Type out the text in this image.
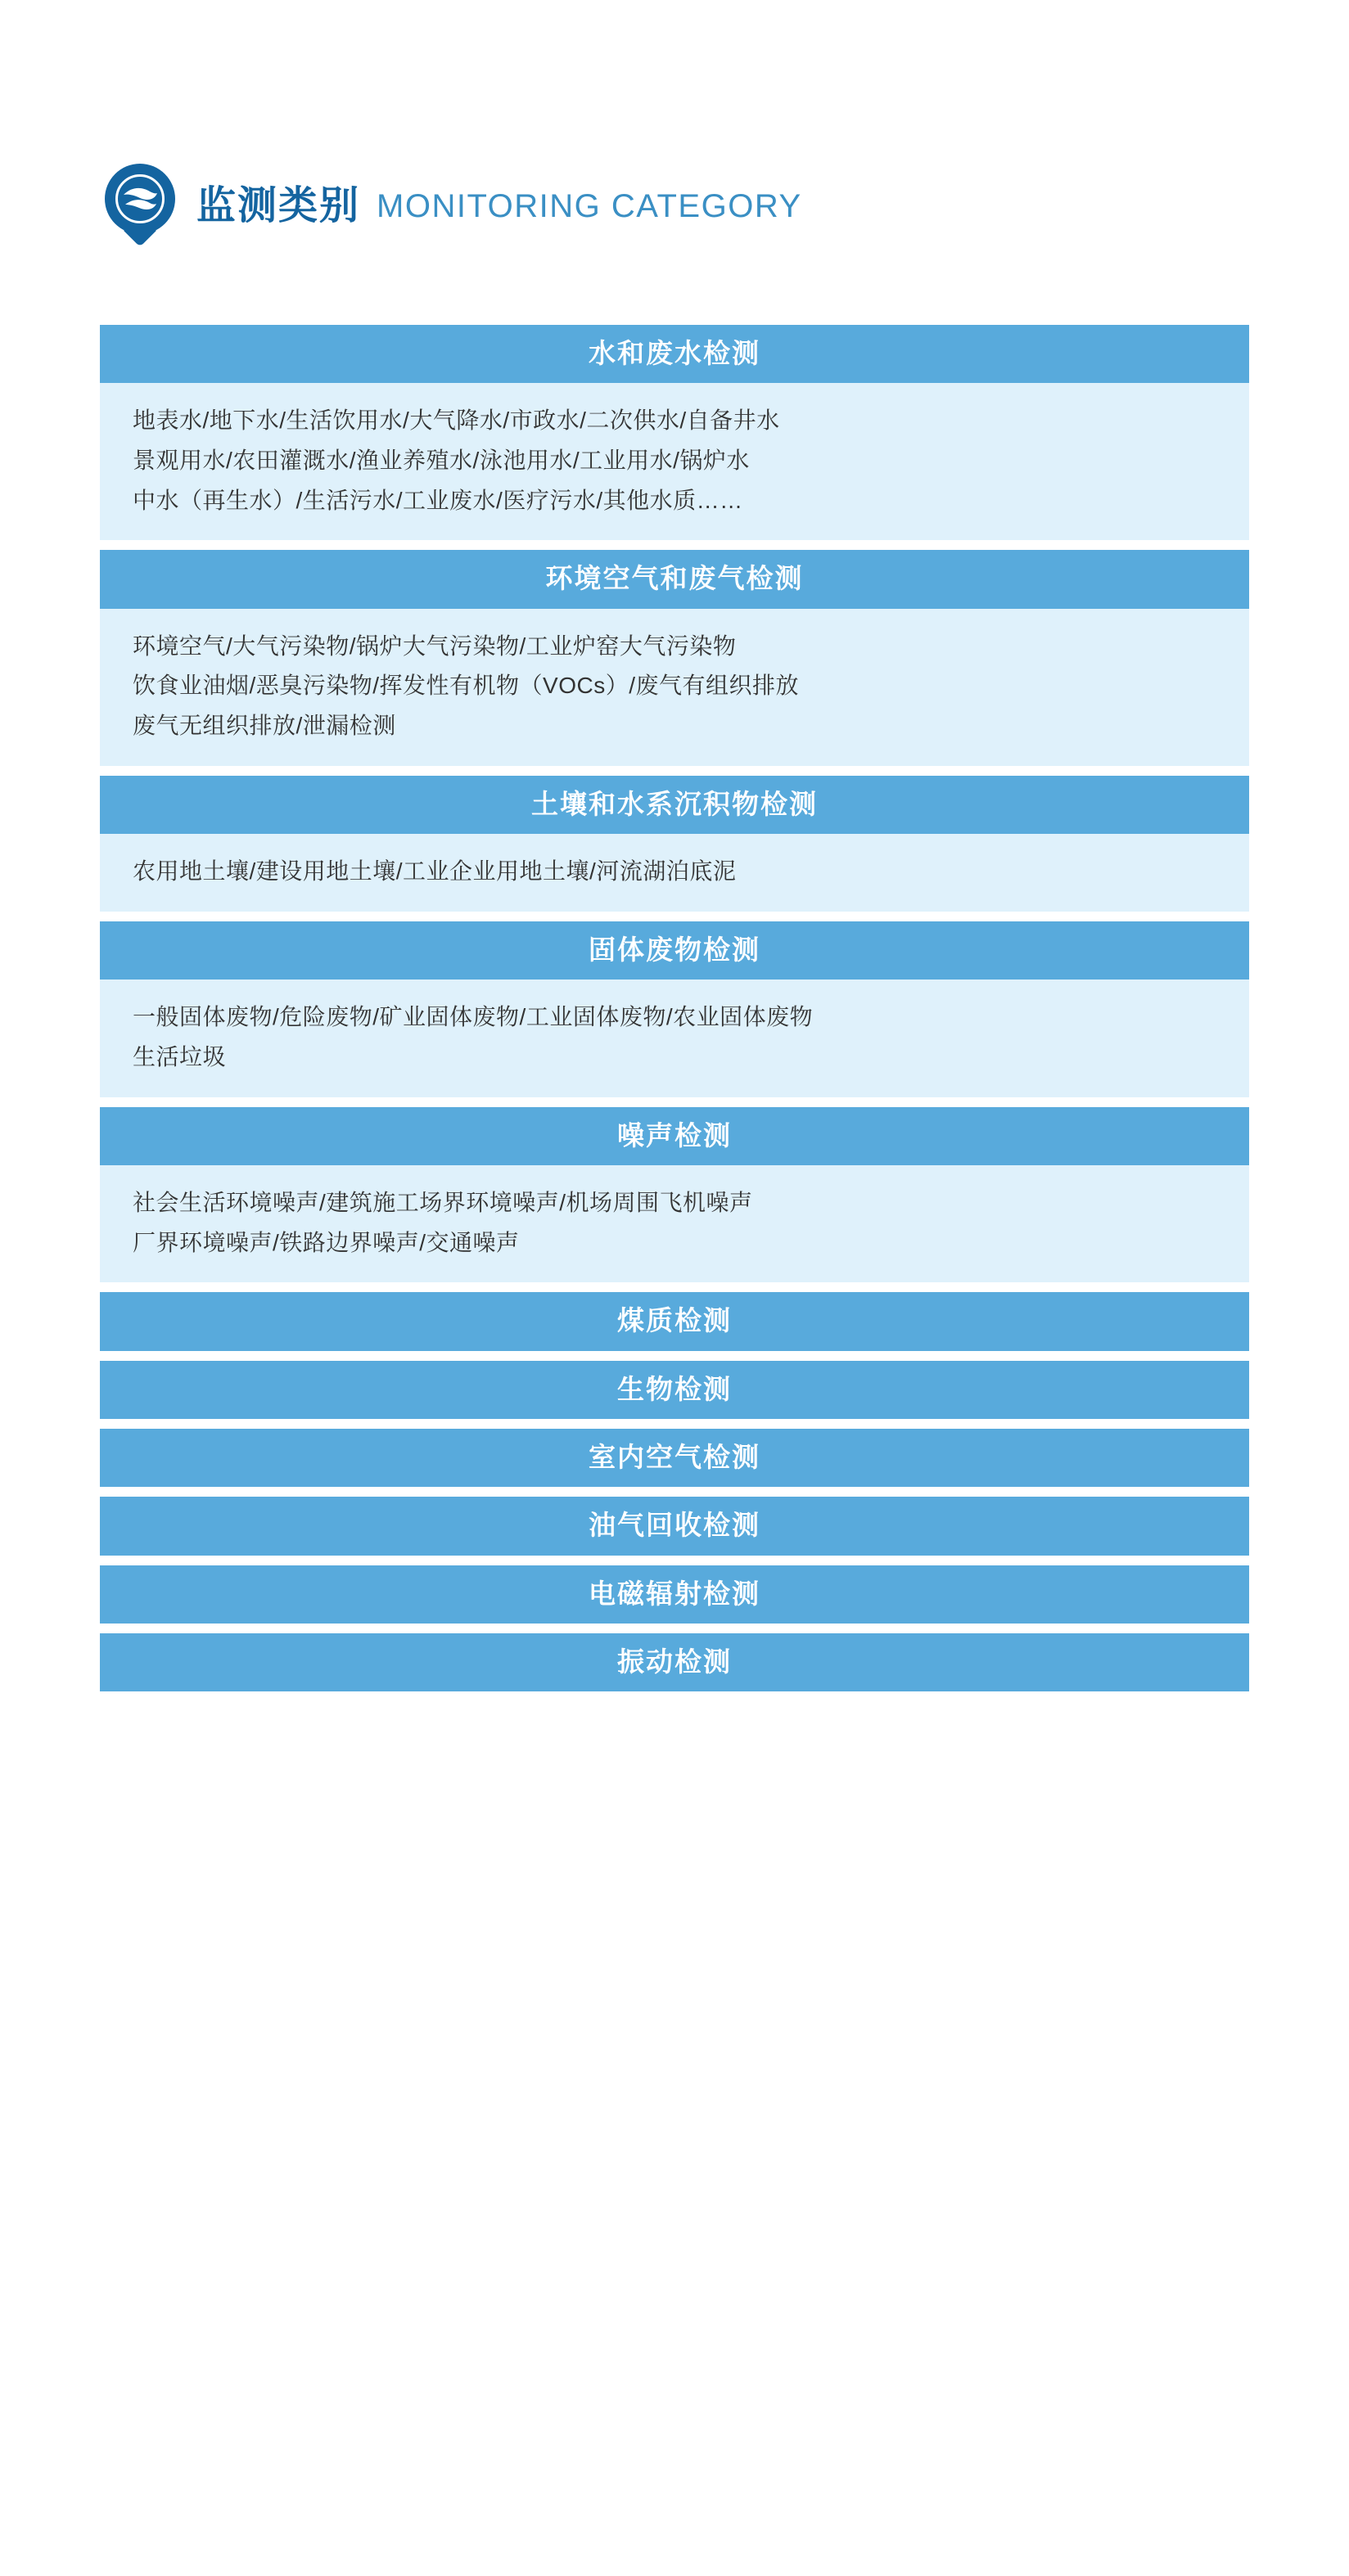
监测类别 MONITORING CATEGORY
水和废水检测
地表水/地下水/生活饮用水/大气降水/市政水/二次供水/自备井水
景观用水/农田灌溉水/渔业养殖水/泳池用水/工业用水/锅炉水
中水（再生水）/生活污水/工业废水/医疗污水/其他水质……
环境空气和废气检测
环境空气/大气污染物/锅炉大气污染物/工业炉窑大气污染物
饮食业油烟/恶臭污染物/挥发性有机物（VOCs）/废气有组织排放
废气无组织排放/泄漏检测
土壤和水系沉积物检测
农用地土壤/建设用地土壤/工业企业用地土壤/河流湖泊底泥
固体废物检测
一般固体废物/危险废物/矿业固体废物/工业固体废物/农业固体废物
生活垃圾
噪声检测
社会生活环境噪声/建筑施工场界环境噪声/机场周围飞机噪声
厂界环境噪声/铁路边界噪声/交通噪声
煤质检测
生物检测
室内空气检测
油气回收检测
电磁辐射检测
振动检测
